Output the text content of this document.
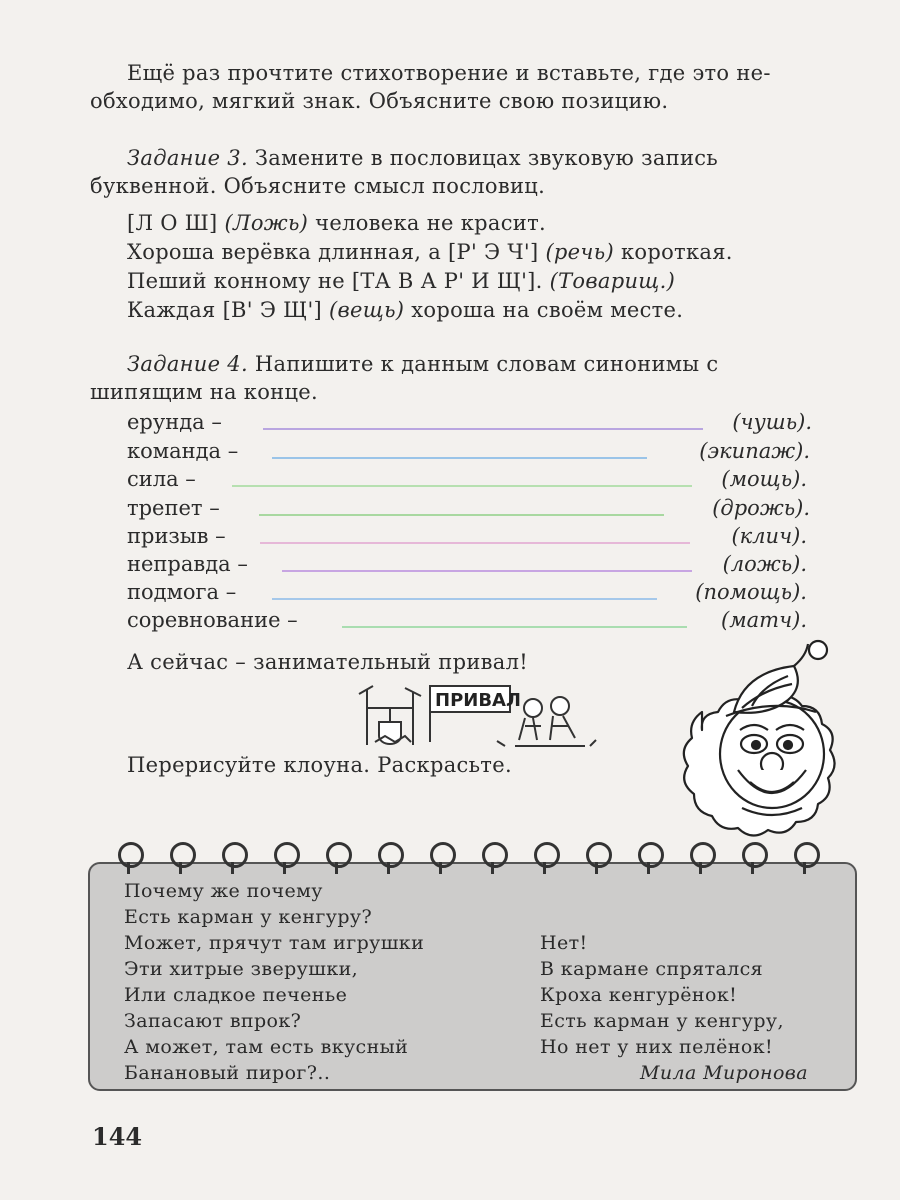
Ещё раз прочтите стихотворение и вставьте, где это не-
обходимо, мягкий знак. Объясните свою позицию.
Задание 3. Замените в пословицах звуковую запись
буквенной. Объясните смысл пословиц.
[Л О Ш] (Ложь) человека не красит.
Хороша верёвка длинная, а [Р' Э Ч'] (речь) короткая.
Пеший конному не [ТА В А Р' И Щ']. (Товарищ.)
Каждая [В' Э Щ'] (вещь) хороша на своём месте.
Задание 4. Напишите к данным словам синонимы с
шипящим на конце.
ерунда –	(чушь).
команда –	(экипаж).
сила –	(мощь).
трепет –	(дрожь).
призыв –	(клич).
неправда –	(ложь).
подмога –	(помощь).
соревнование –	(матч).
А сейчас – занимательный привал!
ПРИВАЛ
Перерисуйте клоуна. Раскрасьте.
Почему же почему
Есть карман у кенгуру?
Может, прячут там игрушки
Эти хитрые зверушки,
Или сладкое печенье
Запасают впрок?
А может, там есть вкусный
Банановый пирог?..
Нет!
В кармане спрятался
Кроха кенгурёнок!
Есть карман у кенгуру,
Но нет у них пелёнок!
Мила Миронова
144
